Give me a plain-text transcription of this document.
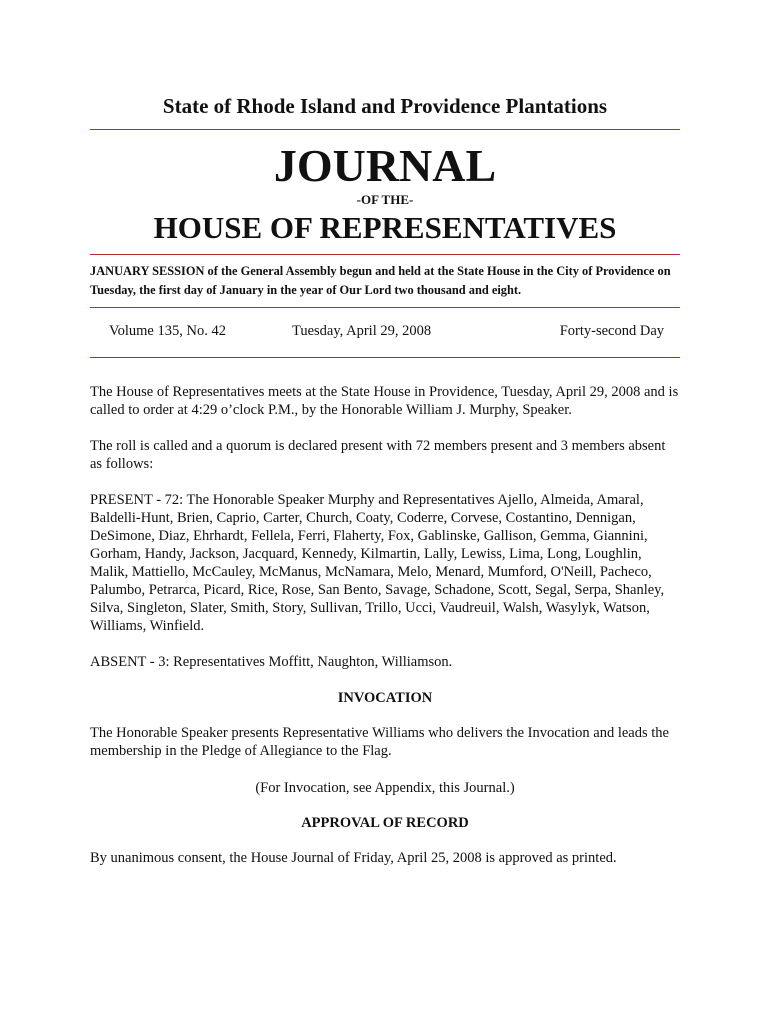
State of Rhode Island and Providence Plantations
JOURNAL
-OF THE-
HOUSE OF REPRESENTATIVES
JANUARY SESSION of the General Assembly begun and held at the State House in the City of Providence on Tuesday, the first day of January in the year of Our Lord two thousand and eight.
Volume 135, No. 42	Tuesday, April 29, 2008	Forty-second Day
The House of Representatives meets at the State House in Providence, Tuesday, April 29, 2008 and is called to order at 4:29 o’clock P.M., by the Honorable William J. Murphy, Speaker.
The roll is called and a quorum is declared present with 72 members present and 3 members absent as follows:
PRESENT - 72: The Honorable Speaker Murphy and Representatives Ajello, Almeida, Amaral, Baldelli-Hunt, Brien, Caprio, Carter, Church, Coaty, Coderre, Corvese, Costantino, Dennigan, DeSimone, Diaz, Ehrhardt, Fellela, Ferri, Flaherty, Fox, Gablinske, Gallison, Gemma, Giannini, Gorham, Handy, Jackson, Jacquard, Kennedy, Kilmartin, Lally, Lewiss, Lima, Long, Loughlin, Malik, Mattiello, McCauley, McManus, McNamara, Melo, Menard, Mumford, O'Neill, Pacheco, Palumbo, Petrarca, Picard, Rice, Rose, San Bento, Savage, Schadone, Scott, Segal, Serpa, Shanley, Silva, Singleton, Slater, Smith, Story, Sullivan, Trillo, Ucci, Vaudreuil, Walsh, Wasylyk, Watson, Williams, Winfield.
ABSENT - 3: Representatives Moffitt, Naughton, Williamson.
INVOCATION
The Honorable Speaker presents Representative Williams who delivers the Invocation and leads the membership in the Pledge of Allegiance to the Flag.
(For Invocation, see Appendix, this Journal.)
APPROVAL OF RECORD
By unanimous consent, the House Journal of Friday, April 25, 2008 is approved as printed.
